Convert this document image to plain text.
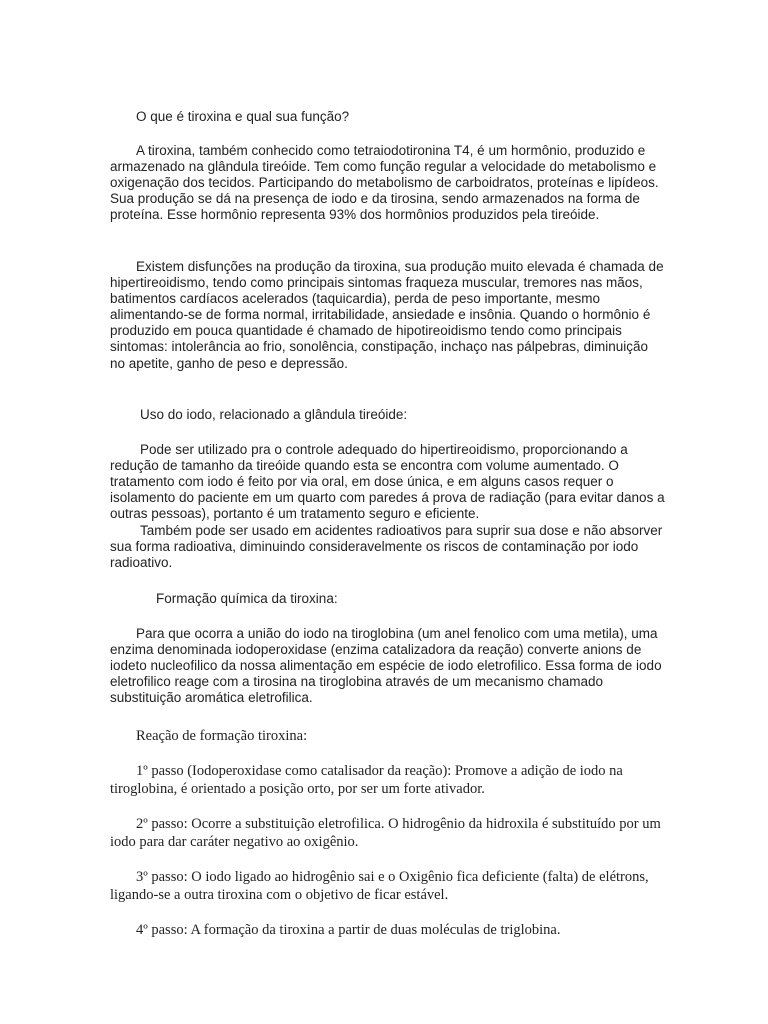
O que é tiroxina e qual sua função?

A tiroxina, também conhecido como tetraiodotironina T4, é um hormônio, produzido e armazenado na glândula tireóide. Tem como função regular a velocidade do metabolismo e oxigenação dos tecidos. Participando do metabolismo de carboidratos, proteínas e lipídeos. Sua produção se dá na presença de iodo e da tirosina, sendo armazenados na forma de proteína. Esse hormônio representa 93% dos hormônios produzidos pela tireóide.

Existem disfunções na produção da tiroxina, sua produção muito elevada é chamada de hipertireoidismo, tendo como principais sintomas fraqueza muscular, tremores nas mãos, batimentos cardíacos acelerados (taquicardia), perda de peso importante, mesmo alimentando-se de forma normal, irritabilidade, ansiedade e insônia. Quando o hormônio é produzido em pouca quantidade é chamado de hipotireoidismo tendo como principais sintomas: intolerância ao frio, sonolência, constipação, inchaço nas pálpebras, diminuição no apetite, ganho de peso e depressão.

Uso do iodo, relacionado a glândula tireóide:

Pode ser utilizado pra o controle adequado do hipertireoidismo, proporcionando a redução de tamanho da tireóide quando esta se encontra com volume aumentado. O tratamento com iodo é feito por via oral, em dose única, e em alguns casos requer o isolamento do paciente em um quarto com paredes á prova de radiação (para evitar danos a outras pessoas), portanto é um tratamento seguro e eficiente.

Também pode ser usado em acidentes radioativos para suprir sua dose e não absorver sua forma radioativa, diminuindo consideravelmente os riscos de contaminação por iodo radioativo.

Formação química da tiroxina:

Para que ocorra a união do iodo na tiroglobina (um anel fenolico com uma metila), uma enzima denominada iodoperoxidase (enzima catalizadora da reação) converte anions de iodeto nucleofilico da nossa alimentação em espécie de iodo eletrofilico. Essa forma de iodo eletrofilico reage com a tirosina na tiroglobina através de um mecanismo chamado substituição aromática eletrofilica.

Reação de formação tiroxina:

1º passo (Iodoperoxidase como catalisador da reação): Promove a adição de iodo na tiroglobina, é orientado a posição orto, por ser um forte ativador.

2º passo: Ocorre a substituição eletrofilica. O hidrogênio da hidroxila é substituído por um iodo para dar caráter negativo ao oxigênio.

3º passo: O iodo ligado ao hidrogênio sai e o Oxigênio fica deficiente (falta) de elétrons, ligando-se a outra tiroxina com o objetivo de ficar estável.

4º passo: A formação da tiroxina a partir de duas moléculas de triglobina.
